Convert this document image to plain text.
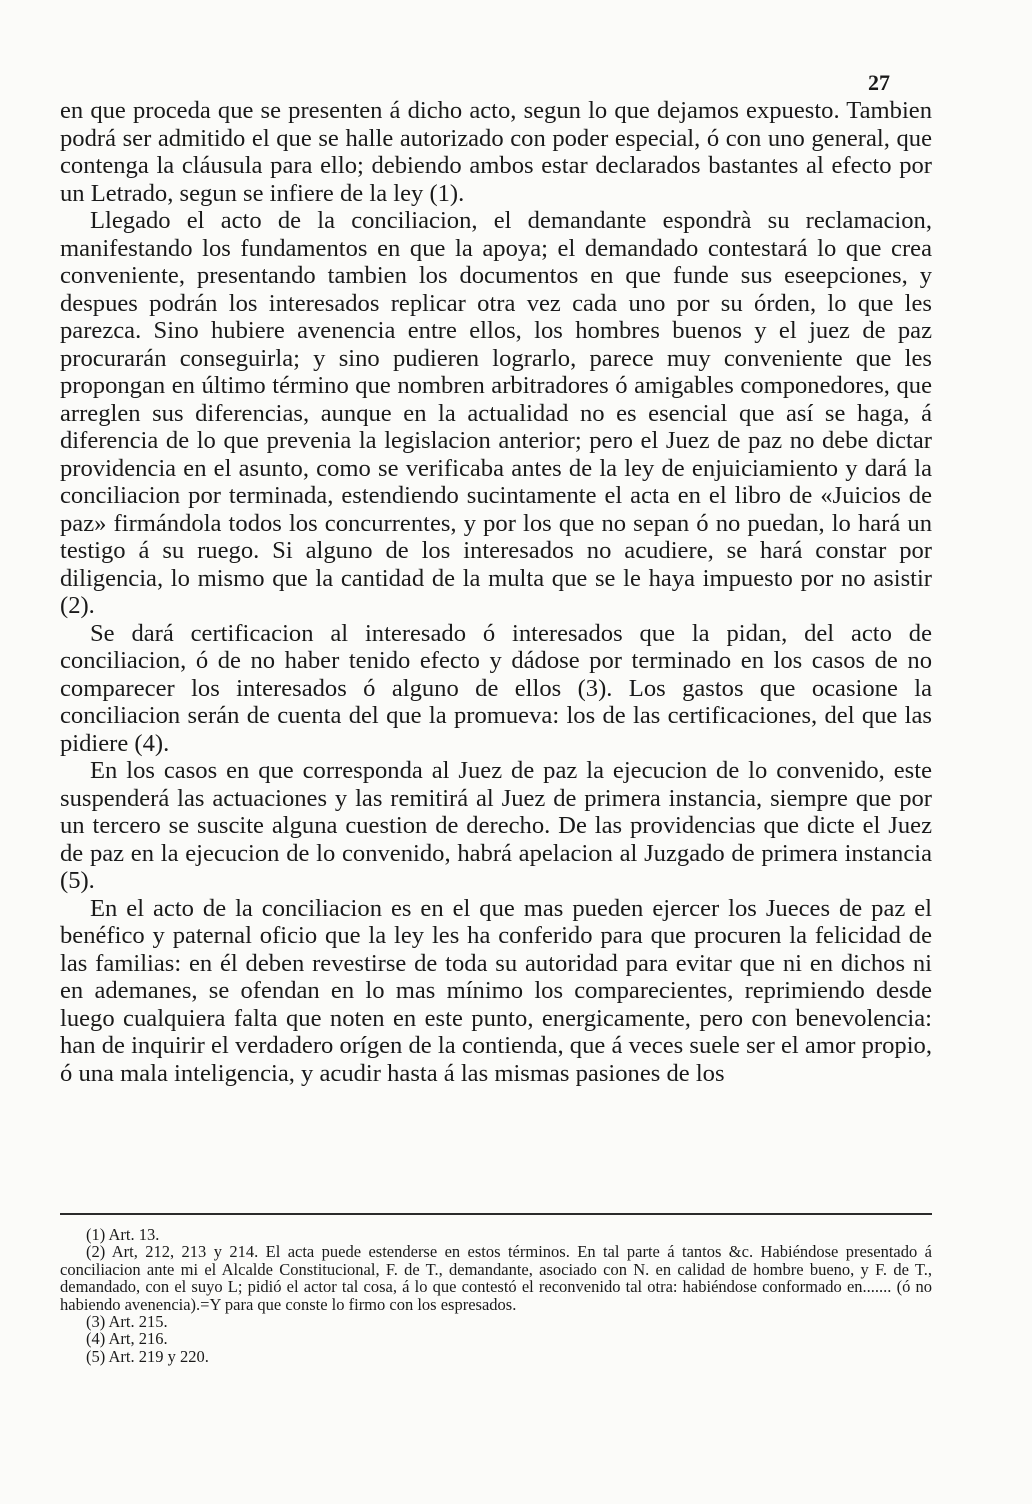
27

en que proceda que se presenten á dicho acto, segun lo que dejamos expuesto. Tambien podrá ser admitido el que se halle autorizado con poder especial, ó con uno general, que contenga la cláusula para ello; debiendo ambos estar declarados bastantes al efecto por un Letrado, segun se infiere de la ley (1).

Llegado el acto de la conciliacion, el demandante espondrà su reclamacion, manifestando los fundamentos en que la apoya; el demandado contestará lo que crea conveniente, presentando tambien los documentos en que funde sus eseepciones, y despues podrán los interesados replicar otra vez cada uno por su órden, lo que les parezca. Sino hubiere avenencia entre ellos, los hombres buenos y el juez de paz procurarán conseguirla; y sino pudieren lograrlo, parece muy conveniente que les propongan en último término que nombren arbitradores ó amigables componedores, que arreglen sus diferencias, aunque en la actualidad no es esencial que así se haga, á diferencia de lo que prevenia la legislacion anterior; pero el Juez de paz no debe dictar providencia en el asunto, como se verificaba antes de la ley de enjuiciamiento y dará la conciliacion por terminada, estendiendo sucintamente el acta en el libro de «Juicios de paz» firmándola todos los concurrentes, y por los que no sepan ó no puedan, lo hará un testigo á su ruego. Si alguno de los interesados no acudiere, se hará constar por diligencia, lo mismo que la cantidad de la multa que se le haya impuesto por no asistir (2).

Se dará certificacion al interesado ó interesados que la pidan, del acto de conciliacion, ó de no haber tenido efecto y dádose por terminado en los casos de no comparecer los interesados ó alguno de ellos (3). Los gastos que ocasione la conciliacion serán de cuenta del que la promueva: los de las certificaciones, del que las pidiere (4).

En los casos en que corresponda al Juez de paz la ejecucion de lo convenido, este suspenderá las actuaciones y las remitirá al Juez de primera instancia, siempre que por un tercero se suscite alguna cuestion de derecho. De las providencias que dicte el Juez de paz en la ejecucion de lo convenido, habrá apelacion al Juzgado de primera instancia (5).

En el acto de la conciliacion es en el que mas pueden ejercer los Jueces de paz el benéfico y paternal oficio que la ley les ha conferido para que procuren la felicidad de las familias: en él deben revestirse de toda su autoridad para evitar que ni en dichos ni en ademanes, se ofendan en lo mas mínimo los comparecientes, reprimiendo desde luego cualquiera falta que noten en este punto, energicamente, pero con benevolencia: han de inquirir el verdadero orígen de la contienda, que á veces suele ser el amor propio, ó una mala inteligencia, y acudir hasta á las mismas pasiones de los

(1) Art. 13.

(2) Art, 212, 213 y 214. El acta puede estenderse en estos términos. En tal parte á tantos &c. Habiéndose presentado á conciliacion ante mi el Alcalde Constitucional, F. de T., demandante, asociado con N. en calidad de hombre bueno, y F. de T., demandado, con el suyo L; pidió el actor tal cosa, á lo que contestó el reconvenido tal otra: habiéndose conformado en....... (ó no habiendo avenencia).=Y para que conste lo firmo con los espresados.

(3) Art. 215.

(4) Art, 216.

(5) Art. 219 y 220.
